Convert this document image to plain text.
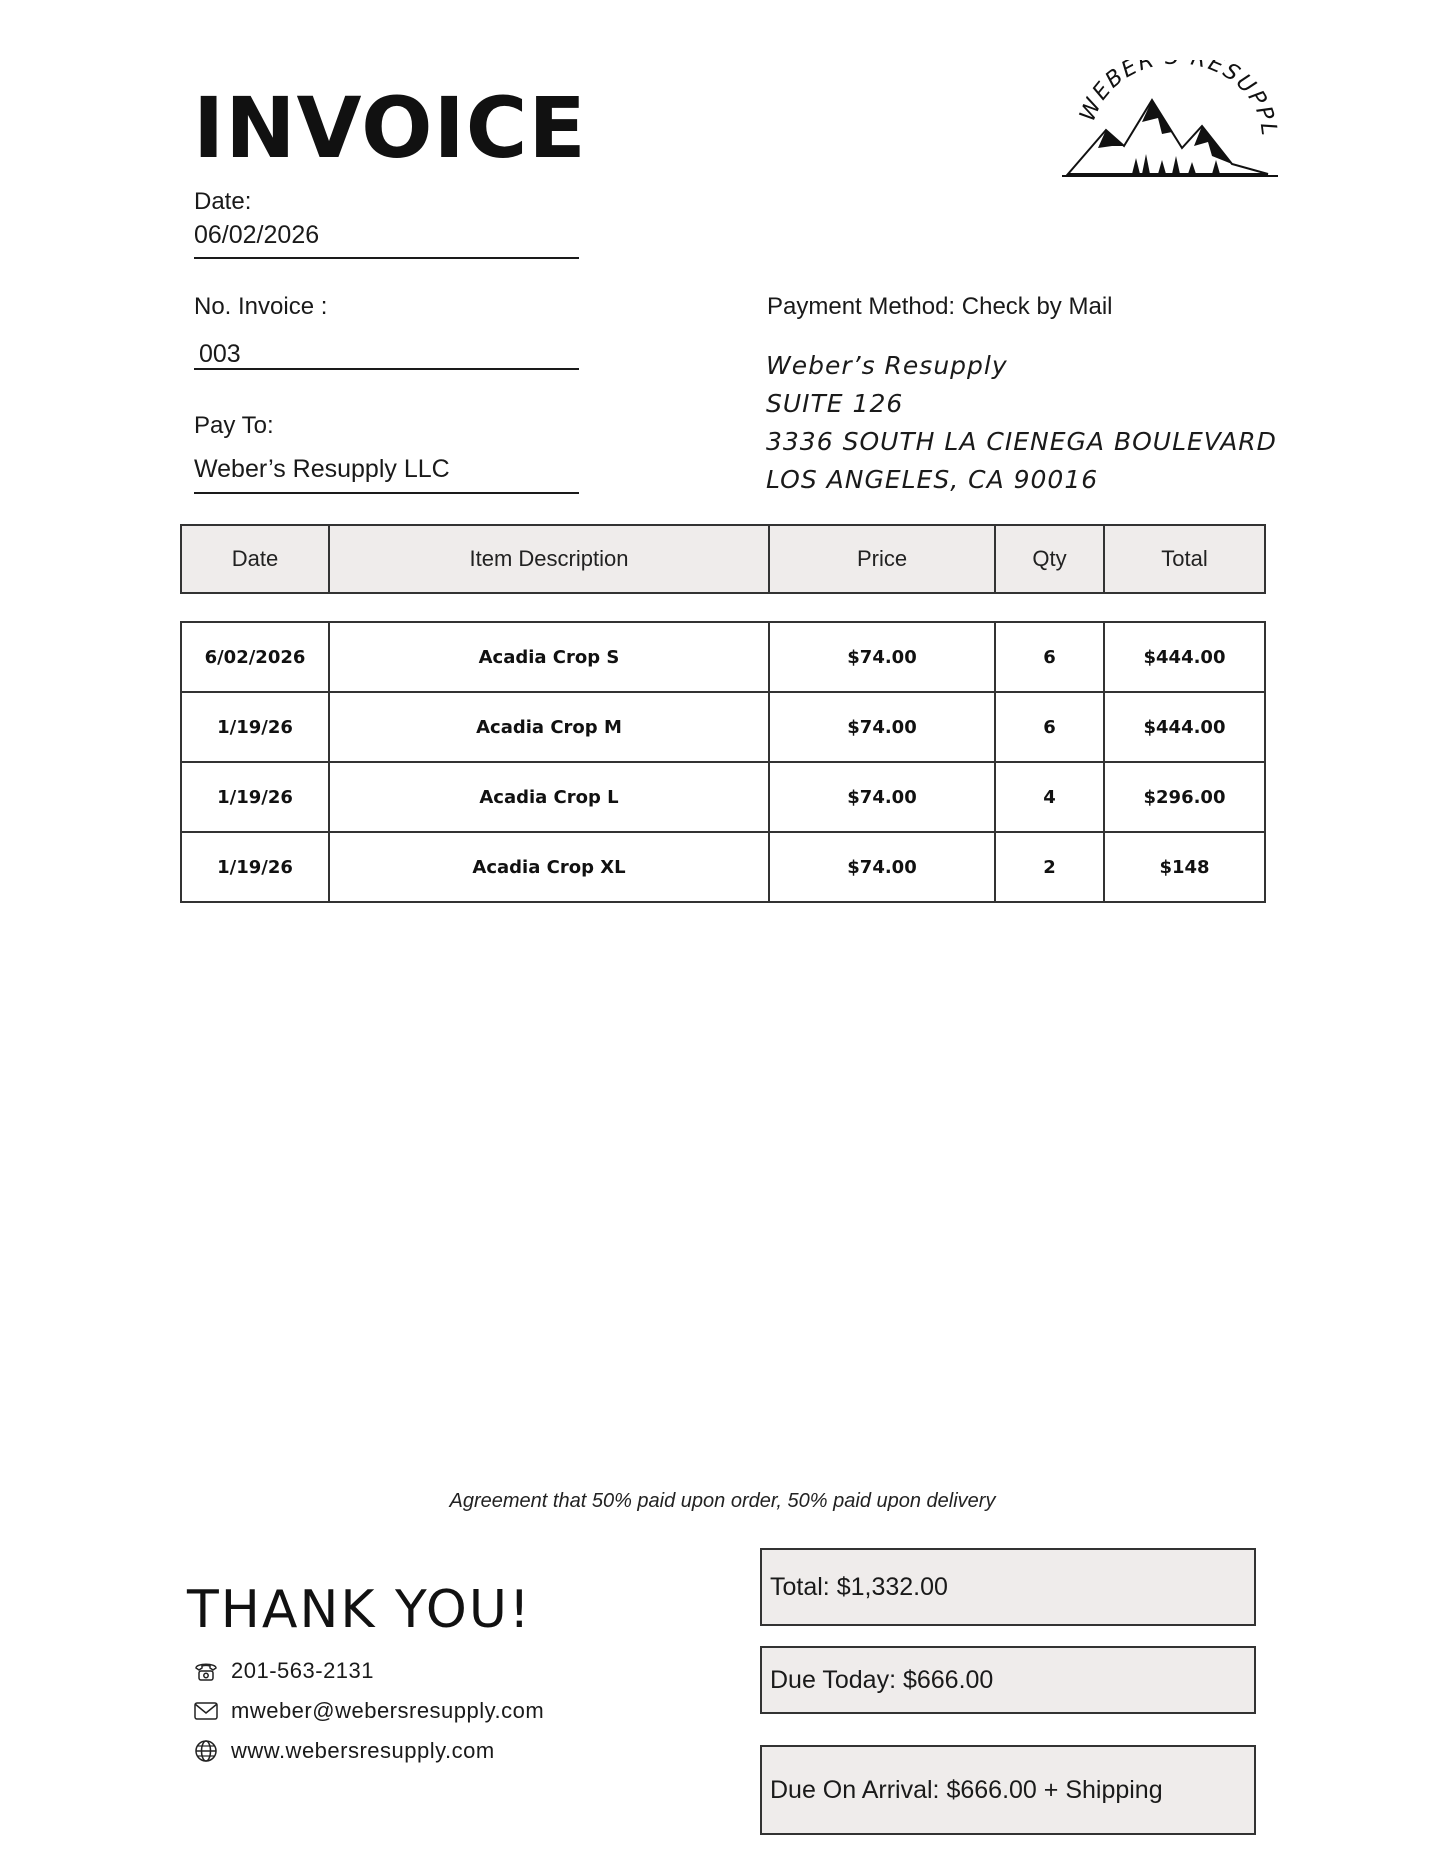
INVOICE	WEBER ESUPPL
Date:
06/02/2026
No. Invoice :
003
Pay To:
Weber’s Resupply LLC
Payment Method: Check by Mail
Weber’s Resupply
SUITE 126
3336 SOUTH LA CIENEGA BOULEVARD
LOS ANGELES, CA 90016
Date	Item Description	Price	Qty	Total
6/02/2026	Acadia Crop S	$74.00	6	$444.00
1/19/26	Acadia Crop M	$74.00	6	$444.00
1/19/26	Acadia Crop L	$74.00	4	$296.00
1/19/26	Acadia Crop XL	$74.00	2	$148
Agreement that 50% paid upon order, 50% paid upon delivery
THANK YOU!
201-563-2131
mweber@webersresupply.com
www.webersresupply.com
Total: $1,332.00
Due Today: $666.00
Due On Arrival: $666.00 + Shipping
